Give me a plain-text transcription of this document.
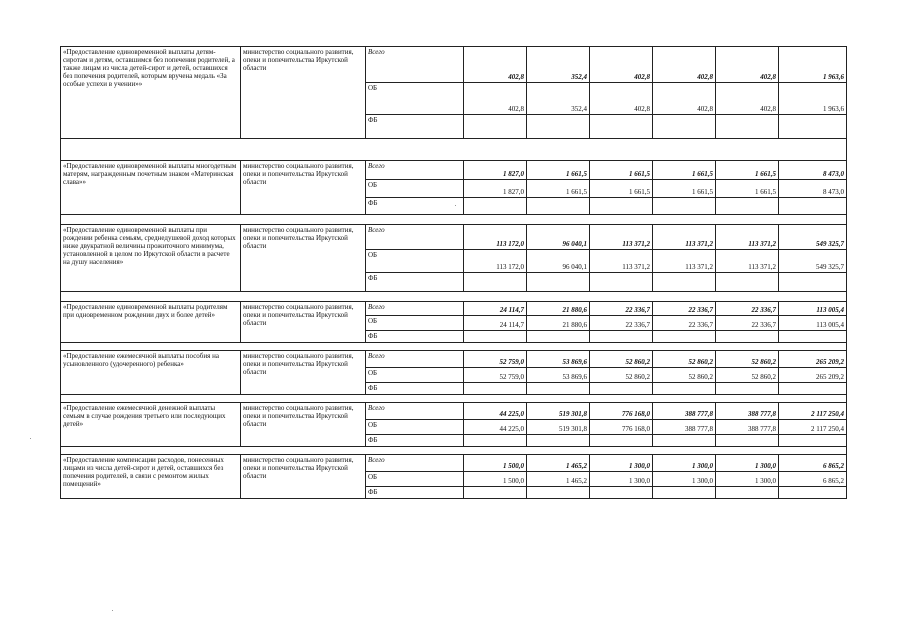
«Предоставление единовременной выплаты детям-сиротам и детям, оставшимся без попечения родителей, а также лицам из числа детей-сирот и детей, оставшихся без попечения родителей, которым вручена медаль «За особые успехи в учении»»	министерство социального развития, опеки и попечительства Иркутской области	Всего	402,8	352,4	402,8	402,8	402,8	1 963,6
		ОБ	402,8	352,4	402,8	402,8	402,8	1 963,6
		ФБ						

«Предоставление единовременной выплаты многодетным матерям, награжденным почетным знаком «Материнская слава»»	министерство социального развития, опеки и попечительства Иркутской области	Всего	1 827,0	1 661,5	1 661,5	1 661,5	1 661,5	8 473,0
		ОБ	1 827,0	1 661,5	1 661,5	1 661,5	1 661,5	8 473,0
		ФБ						

«Предоставление единовременной выплаты при рождении ребенка семьям, среднедушевой доход которых ниже двукратной величины прожиточного минимума, установленной в целом по Иркутской области в расчете на душу населения»	министерство социального развития, опеки и попечительства Иркутской области	Всего	113 172,0	96 040,1	113 371,2	113 371,2	113 371,2	549 325,7
		ОБ	113 172,0	96 040,1	113 371,2	113 371,2	113 371,2	549 325,7
		ФБ						

«Предоставление единовременной выплаты родителям при одновременном рождении двух и более детей»	министерство социального развития, опеки и попечительства Иркутской области	Всего	24 114,7	21 880,6	22 336,7	22 336,7	22 336,7	113 005,4
		ОБ	24 114,7	21 880,6	22 336,7	22 336,7	22 336,7	113 005,4
		ФБ						

«Предоставление ежемесячной выплаты пособия на усыновленного (удочеренного) ребенка»	министерство социального развития, опеки и попечительства Иркутской области	Всего	52 759,0	53 869,6	52 860,2	52 860,2	52 860,2	265 209,2
		ОБ	52 759,0	53 869,6	52 860,2	52 860,2	52 860,2	265 209,2
		ФБ						

«Предоставление ежемесячной денежной выплаты семьям в случае рождения третьего или последующих детей»	министерство социального развития, опеки и попечительства Иркутской области	Всего	44 225,0	519 301,8	776 168,0	388 777,8	388 777,8	2 117 250,4
		ОБ	44 225,0	519 301,8	776 168,0	388 777,8	388 777,8	2 117 250,4
		ФБ						

«Предоставление компенсации расходов, понесенных лицами из числа детей-сирот и детей, оставшихся без попечения родителей, в связи с ремонтом жилых помещений»	министерство социального развития, опеки и попечительства Иркутской области	Всего	1 500,0	1 465,2	1 300,0	1 300,0	1 300,0	6 865,2
		ОБ	1 500,0	1 465,2	1 300,0	1 300,0	1 300,0	6 865,2
		ФБ						
